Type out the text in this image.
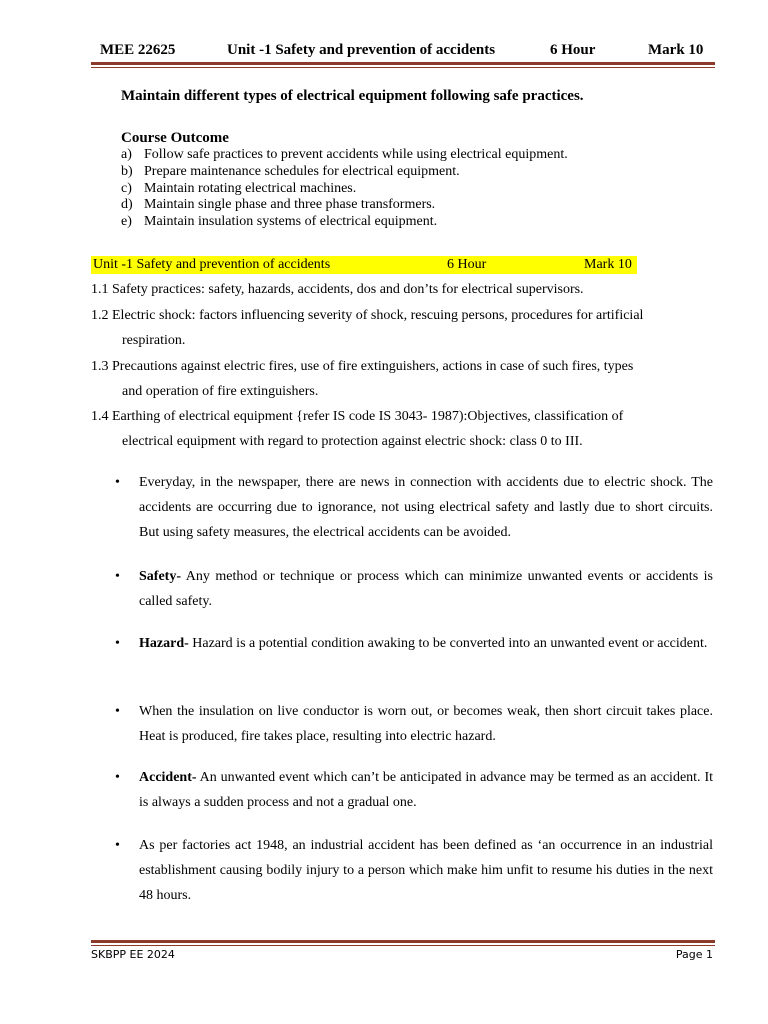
MEE 22625	Unit -1 Safety and prevention of accidents	6 Hour	Mark 10
Maintain different types of electrical equipment following safe practices.
Course Outcome
a) Follow safe practices to prevent accidents while using electrical equipment.
b) Prepare maintenance schedules for electrical equipment.
c) Maintain rotating electrical machines.
d) Maintain single phase and three phase transformers.
e) Maintain insulation systems of electrical equipment.
Unit -1 Safety and prevention of accidents	6 Hour	Mark 10
1.1 Safety practices: safety, hazards, accidents, dos and don’ts for electrical supervisors.
1.2 Electric shock: factors influencing severity of shock, rescuing persons, procedures for artificial
respiration.
1.3 Precautions against electric fires, use of fire extinguishers, actions in case of such fires, types
and operation of fire extinguishers.
1.4 Earthing of electrical equipment {refer IS code IS 3043- 1987):Objectives, classification of
electrical equipment with regard to protection against electric shock: class 0 to III.
•	Everyday, in the newspaper, there are news in connection with accidents due to electric shock. The accidents are occurring due to ignorance, not using electrical safety and lastly due to short circuits. But using safety measures, the electrical accidents can be avoided.
•	Safety- Any method or technique or process which can minimize unwanted events or accidents is called safety.
•	Hazard- Hazard is a potential condition awaking to be converted into an unwanted event or accident.
•	When the insulation on live conductor is worn out, or becomes weak, then short circuit takes place. Heat is produced, fire takes place, resulting into electric hazard.
•	Accident- An unwanted event which can’t be anticipated in advance may be termed as an accident. It is always a sudden process and not a gradual one.
•	As per factories act 1948, an industrial accident has been defined as ‘an occurrence in an industrial establishment causing bodily injury to a person which make him unfit to resume his duties in the next 48 hours.
SKBPP EE 2024	Page 1
